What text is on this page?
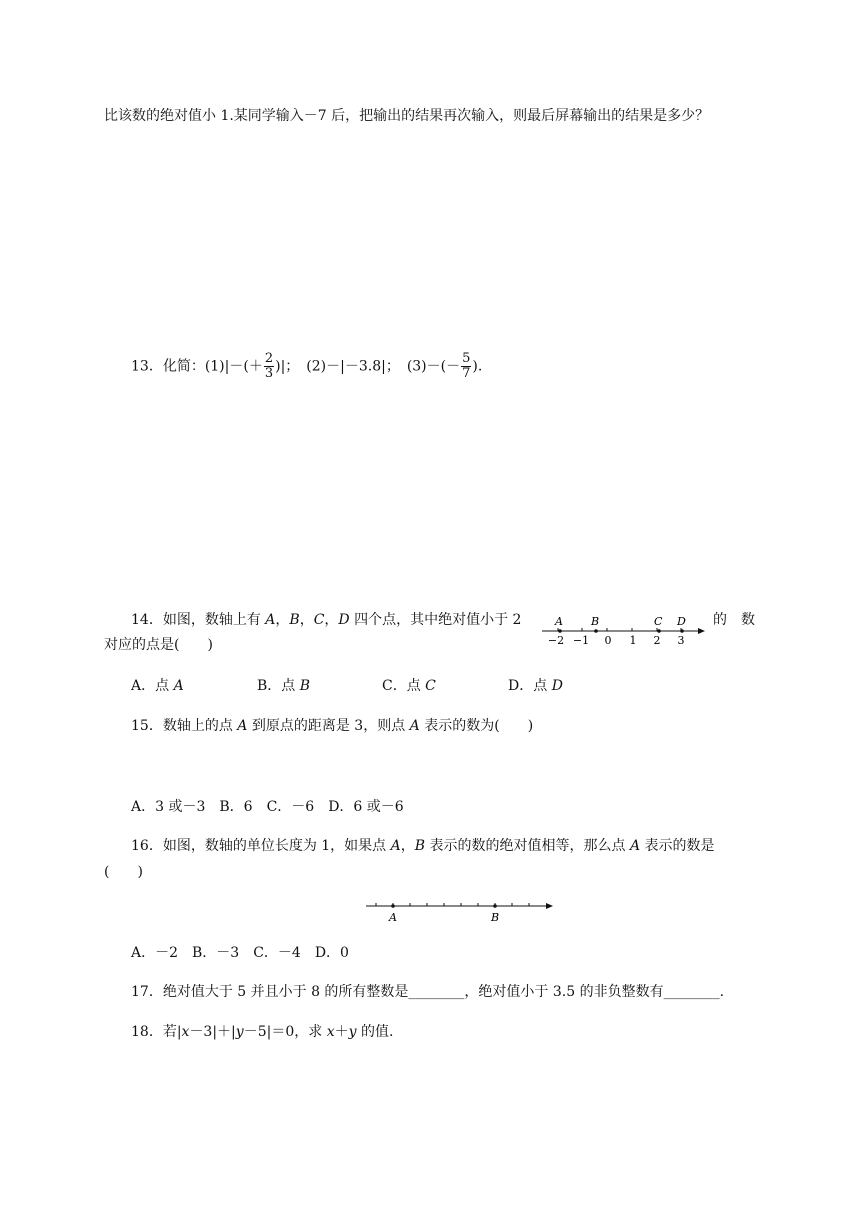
比该数的绝对值小 1.某同学输入－7 后，把输出的结果再次输入，则最后屏幕输出的结果是多少？
13．化简：$(1)|-(+ \frac{2}{3}$ )|；　(2)－|－3.8|；　$(3)-(- \frac{5}{7}$ ).
14．如图，数轴上有 A，B，C，D 四个点，其中绝对值小于 2	的　数
A	B	C D
−2 −1 0 1 2 3
对应的点是(　　)
A．点 A	B．点 B	C．点 C	D．点 D
15．数轴上的点 A 到原点的距离是 3，则点 A 表示的数为(　　)
A．3 或－3　B．6　C．－6　D．6 或－6
16．如图，数轴的单位长度为 1，如果点 A，B 表示的数的绝对值相等，那么点 A 表示的数是
(　　)
A	B
A．－2　B．－3　C．－4　D．0
17．绝对值大于 5 并且小于 8 的所有整数是________，绝对值小于 3.5 的非负整数有________.
18．若|x－3|＋|y－5|＝0，求 x＋y 的值.
